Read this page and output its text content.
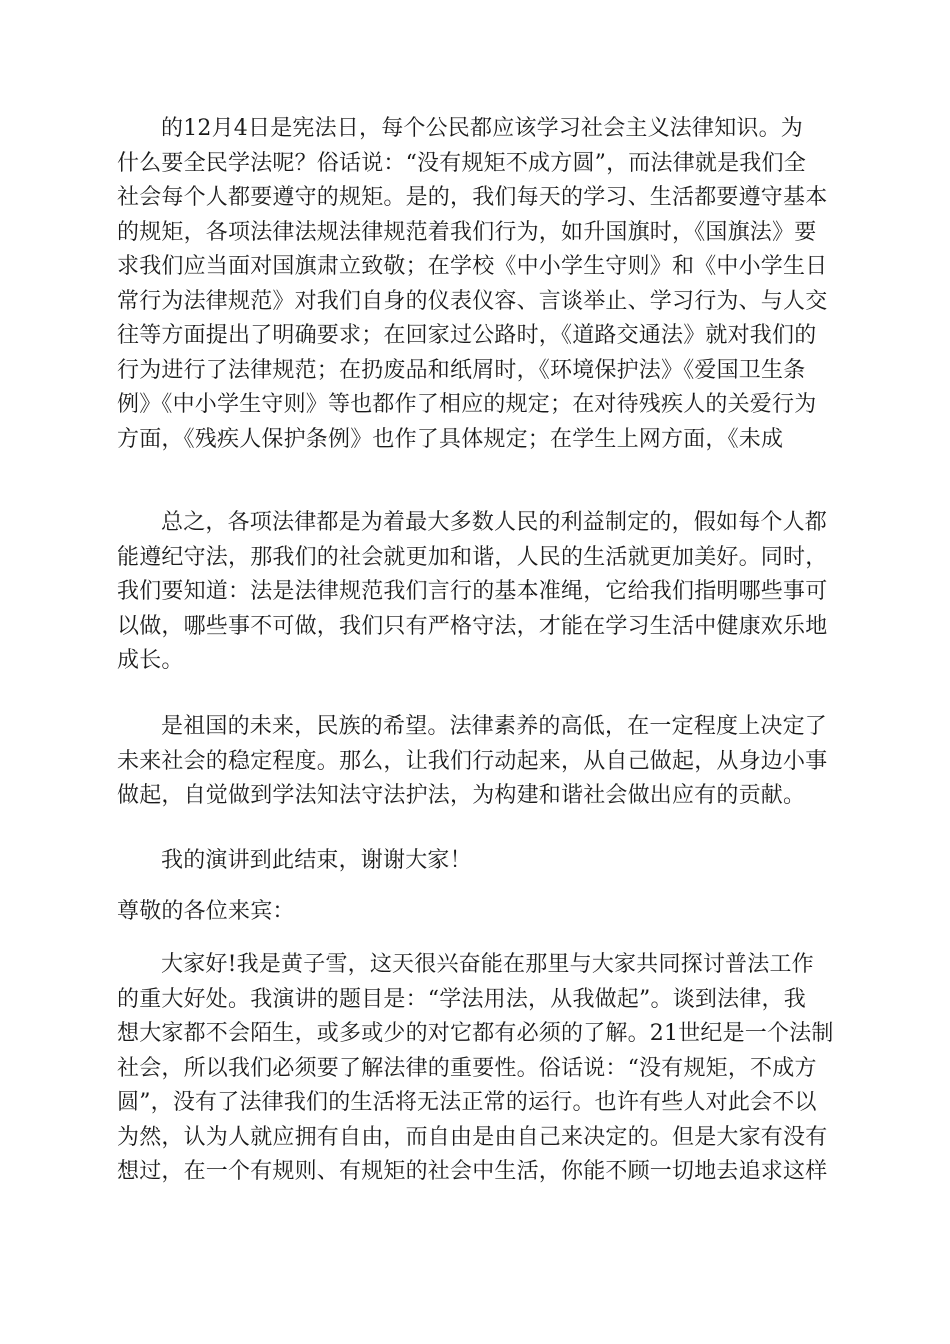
的12月4日是宪法日，每个公民都应该学习社会主义法律知识。为
什么要全民学法呢？俗话说：“没有规矩不成方圆”，而法律就是我们全
社会每个人都要遵守的规矩。是的，我们每天的学习、生活都要遵守基本
的规矩，各项法律法规法律规范着我们行为，如升国旗时，《国旗法》要
求我们应当面对国旗肃立致敬；在学校《中小学生守则》和《中小学生日
常行为法律规范》对我们自身的仪表仪容、言谈举止、学习行为、与人交
往等方面提出了明确要求；在回家过公路时，《道路交通法》就对我们的
行为进行了法律规范；在扔废品和纸屑时，《环境保护法》《爱国卫生条
例》《中小学生守则》等也都作了相应的规定；在对待残疾人的关爱行为
方面，《残疾人保护条例》也作了具体规定；在学生上网方面，《未成
总之，各项法律都是为着最大多数人民的利益制定的，假如每个人都
能遵纪守法，那我们的社会就更加和谐，人民的生活就更加美好。同时，
我们要知道：法是法律规范我们言行的基本准绳，它给我们指明哪些事可
以做，哪些事不可做，我们只有严格守法，才能在学习生活中健康欢乐地
成长。
是祖国的未来，民族的希望。法律素养的高低，在一定程度上决定了
未来社会的稳定程度。那么，让我们行动起来，从自己做起，从身边小事
做起，自觉做到学法知法守法护法，为构建和谐社会做出应有的贡献。
我的演讲到此结束，谢谢大家！
尊敬的各位来宾：
大家好!我是黄子雪，这天很兴奋能在那里与大家共同探讨普法工作
的重大好处。我演讲的题目是：“学法用法，从我做起”。谈到法律，我
想大家都不会陌生，或多或少的对它都有必须的了解。21世纪是一个法制
社会，所以我们必须要了解法律的重要性。俗话说：“没有规矩，不成方
圆”，没有了法律我们的生活将无法正常的运行。也许有些人对此会不以
为然，认为人就应拥有自由，而自由是由自己来决定的。但是大家有没有
想过，在一个有规则、有规矩的社会中生活，你能不顾一切地去追求这样
